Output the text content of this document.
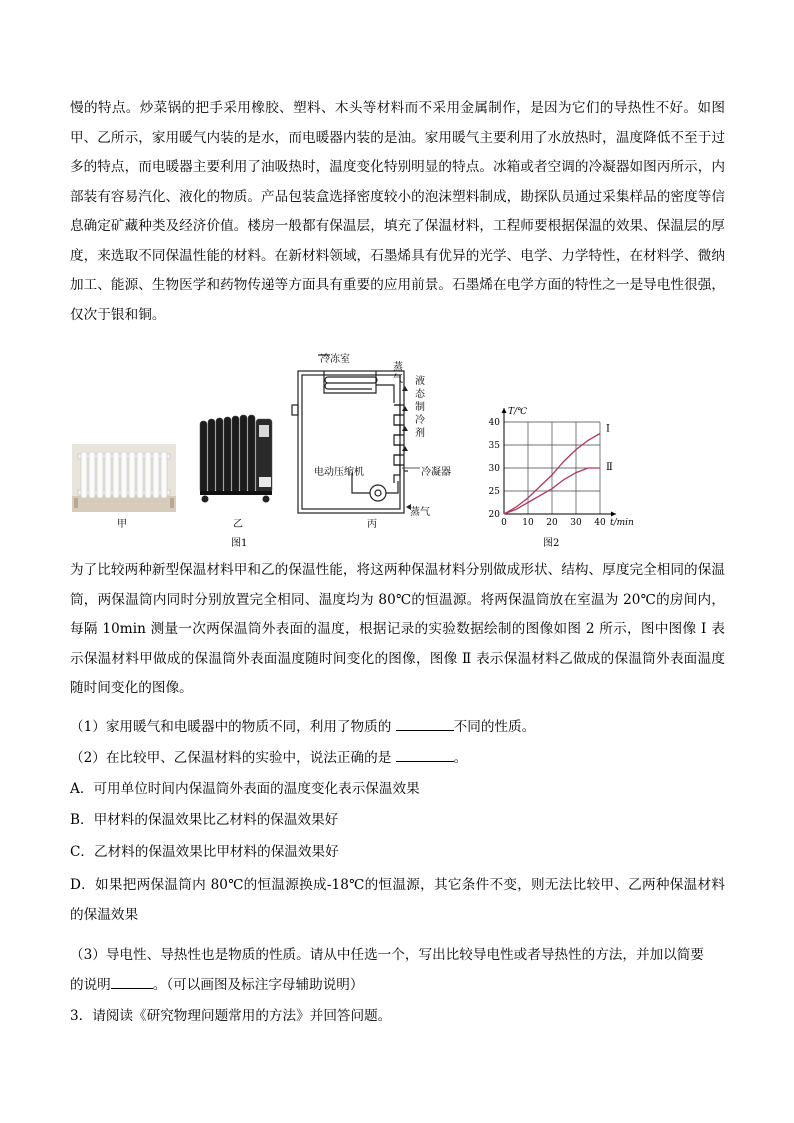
慢的特点。炒菜锅的把手采用橡胶、塑料、木头等材料而不采用金属制作，是因为它们的导热性不好。如图甲、乙所示，家用暖气内装的是水，而电暖器内装的是油。家用暖气主要利用了水放热时，温度降低不至于过多的特点，而电暖器主要利用了油吸热时，温度变化特别明显的特点。冰箱或者空调的冷凝器如图丙所示，内部装有容易汽化、液化的物质。产品包装盒选择密度较小的泡沫塑料制成，勘探队员通过采集样品的密度等信息确定矿藏种类及经济价值。楼房一般都有保温层，填充了保温材料，工程师要根据保温的效果、保温层的厚度，来选取不同保温性能的材料。在新材料领域，石墨烯具有优异的光学、电学、力学特性，在材料学、微纳加工、能源、生物医学和药物传递等方面具有重要的应用前景。石墨烯在电学方面的特性之一是导电性很强，仅次于银和铜。

甲	乙
冷冻室
蒸气 液态制冷剂
冷凝器
电动压缩机
蒸气
丙
图1
20
25
30
35
40
0 10 20 30 40
T/℃
t/min
Ⅰ
Ⅱ
图2

为了比较两种新型保温材料甲和乙的保温性能，将这两种保温材料分别做成形状、结构、厚度完全相同的保温筒，两保温筒内同时分别放置完全相同、温度均为 80℃的恒温源。将两保温筒放在室温为 20℃的房间内，每隔 10min 测量一次两保温筒外表面的温度，根据记录的实验数据绘制的图像如图 2 所示，图中图像 Ⅰ 表示保温材料甲做成的保温筒外表面温度随时间变化的图像，图像 Ⅱ 表示保温材料乙做成的保温筒外表面温度随时间变化的图像。

（1）家用暖气和电暖器中的物质不同，利用了物质的	不同的性质。

（2）在比较甲、乙保温材料的实验中，说法正确的是	。

A．可用单位时间内保温筒外表面的温度变化表示保温效果

B．甲材料的保温效果比乙材料的保温效果好

C．乙材料的保温效果比甲材料的保温效果好

D．如果把两保温筒内 80℃的恒温源换成-18℃的恒温源，其它条件不变，则无法比较甲、乙两种保温材料的保温效果

（3）导电性、导热性也是物质的性质。请从中任选一个，写出比较导电性或者导热性的方法，并加以简要

的说明	。（可以画图及标注字母辅助说明）

3．请阅读《研究物理问题常用的方法》并回答问题。
